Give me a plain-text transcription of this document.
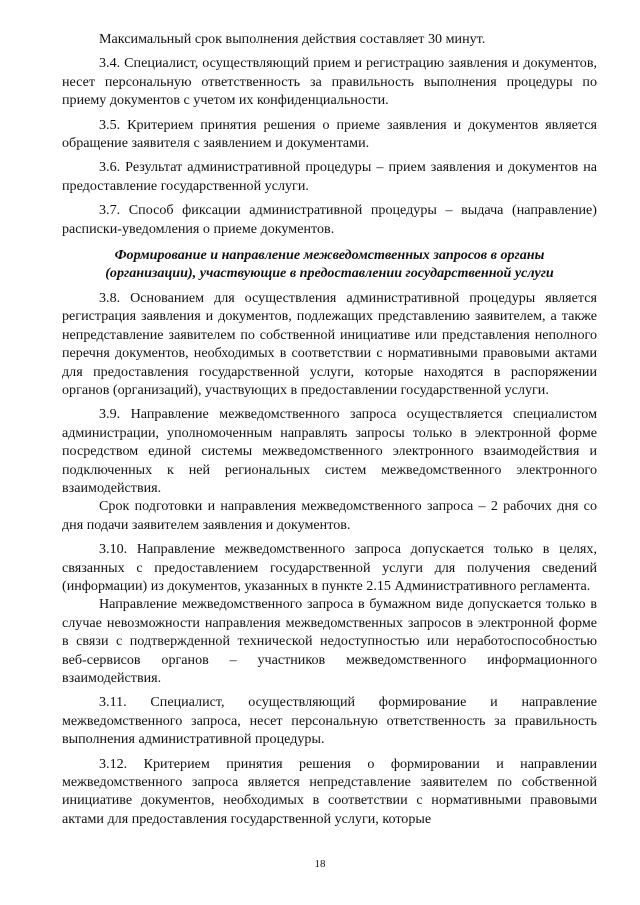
Максимальный срок выполнения действия составляет 30 минут.

3.4. Специалист, осуществляющий прием и регистрацию заявления и документов, несет персональную ответственность за правильность выполнения процедуры по приему документов с учетом их конфиденциальности.

3.5. Критерием принятия решения о приеме заявления и документов является обращение заявителя с заявлением и документами.

3.6. Результат административной процедуры – прием заявления и документов на предоставление государственной услуги.

3.7. Способ фиксации административной процедуры – выдача (направление) расписки-уведомления о приеме документов.

Формирование и направление межведомственных запросов в органы (организации), участвующие в предоставлении государственной услуги

3.8. Основанием для осуществления административной процедуры является регистрация заявления и документов, подлежащих представлению заявителем, а также непредставление заявителем по собственной инициативе или представления неполного перечня документов, необходимых в соответствии с нормативными правовыми актами для предоставления государственной услуги, которые находятся в распоряжении органов (организаций), участвующих в предоставлении государственной услуги.

3.9. Направление межведомственного запроса осуществляется специалистом администрации, уполномоченным направлять запросы только в электронной форме посредством единой системы межведомственного электронного взаимодействия и подключенных к ней региональных систем межведомственного электронного взаимодействия.

Срок подготовки и направления межведомственного запроса – 2 рабочих дня со дня подачи заявителем заявления и документов.

3.10. Направление межведомственного запроса допускается только в целях, связанных с предоставлением государственной услуги для получения сведений (информации) из документов, указанных в пункте 2.15 Административного регламента.

Направление межведомственного запроса в бумажном виде допускается только в случае невозможности направления межведомственных запросов в электронной форме в связи с подтвержденной технической недоступностью или неработоспособностью веб-сервисов органов – участников межведомственного информационного взаимодействия.

3.11. Специалист, осуществляющий формирование и направление межведомственного запроса, несет персональную ответственность за правильность выполнения административной процедуры.

3.12. Критерием принятия решения о формировании и направлении межведомственного запроса является непредставление заявителем по собственной инициативе документов, необходимых в соответствии с нормативными правовыми актами для предоставления государственной услуги, которые

18
